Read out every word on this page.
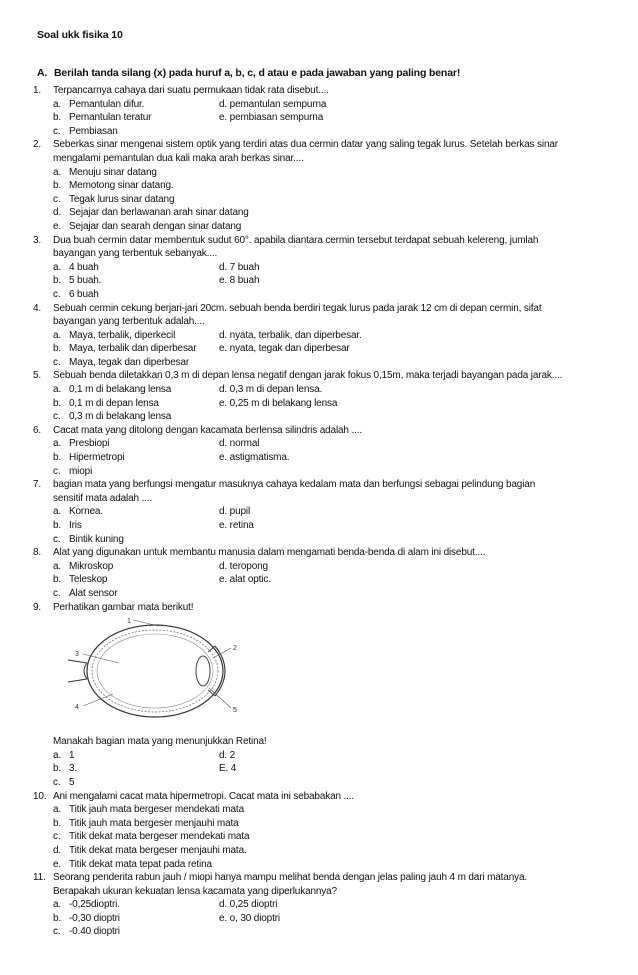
Soal ukk fisika 10
A. Berilah tanda silang (x) pada huruf a, b, c, d atau e pada jawaban yang paling benar!
1.	Terpancarnya cahaya dari suatu permukaan tidak rata disebut....
a. Pemantulan difur.	d. pemantulan sempurna
b. Pemantulan teratur	e. pembiasan sempurna
c. Pembiasan
2.	Seberkas sinar mengenai sistem optik yang terdiri atas dua cermin datar yang saling tegak lurus. Setelah berkas sinar
mengalami pemantulan dua kali maka arah berkas sinar....
a. Menuju sinar datang
b. Memotong sinar datang.
c. Tegak lurus sinar datang
d. Sejajar dan berlawanan arah sinar datang
e. Sejajar dan searah dengan sinar datang
3.	Dua buah cermin datar membentuk sudut 60°. apabila diantara cermin tersebut terdapat sebuah kelereng, jumlah
bayangan yang terbentuk sebanyak....
a. 4 buah	d. 7 buah
b. 5 buah.	e. 8 buah
c. 6 buah
4.	Sebuah cermin cekung berjari-jari 20cm. sebuah benda berdiri tegak lurus pada jarak 12 cm di depan cermin, sifat
bayangan yang terbentuk adalah....
a. Maya, terbalik, diperkecil	d. nyata, terbalik, dan diperbesar.
b. Maya, terbalik dan diperbesar	e. nyata, tegak dan diperbesar
c. Maya, tegak dan diperbesar
5.	Sebuah benda diletakkan 0,3 m di depan lensa negatif dengan jarak fokus 0,15m, maka terjadi bayangan pada jarak....
a. 0,1 m di belakang lensa	d. 0,3 m di depan lensa.
b. 0,1 m di depan lensa	e. 0,25 m di belakang lensa
c. 0,3 m di belakang lensa
6.	Cacat mata yang ditolong dengan kacamata berlensa silindris adalah ....
a. Presbiopi	d. normal
b. Hipermetropi	e. astigmatisma.
c. miopi
7.	bagian mata yang berfungsi mengatur masuknya cahaya kedalam mata dan berfungsi sebagai pelindung bagian
sensitif mata adalah ....
a. Kornea.	d. pupil
b. Iris	e. retina
c. Bintik kuning
8.	Alat yang digunakan untuk membantu manusia dalam mengamati benda-benda di alam ini disebut....
a. Mikroskop	d. teropong
b. Teleskop	e. alat optic.
c. Alat sensor
9.	Perhatikan gambar mata berikut!
1
2
3
4	5
Manakah bagian mata yang menunjukkan Retina!
a. 1	d. 2
b. 3.	E. 4
c. 5
10. Ani mengalami cacat mata hipermetropi. Cacat mata ini sebabakan ....
a. Titik jauh mata bergeser mendekati mata
b. Titik jauh mata bergeser menjauhi mata
c. Titik dekat mata bergeser mendekati mata
d. Titik dekat mata bergeser menjauhi mata.
e. Titik dekat mata tepat pada retina
11. Seorang penderita rabun jauh / miopi hanya mampu melihat benda dengan jelas paling jauh 4 m dari matanya.
Berapakah ukuran kekuatan lensa kacamata yang diperlukannya?
a. -0,25dioptri.	d. 0,25 dioptri
b. -0,30 dioptri	e. o, 30 dioptri
c. -0.40 dioptri
